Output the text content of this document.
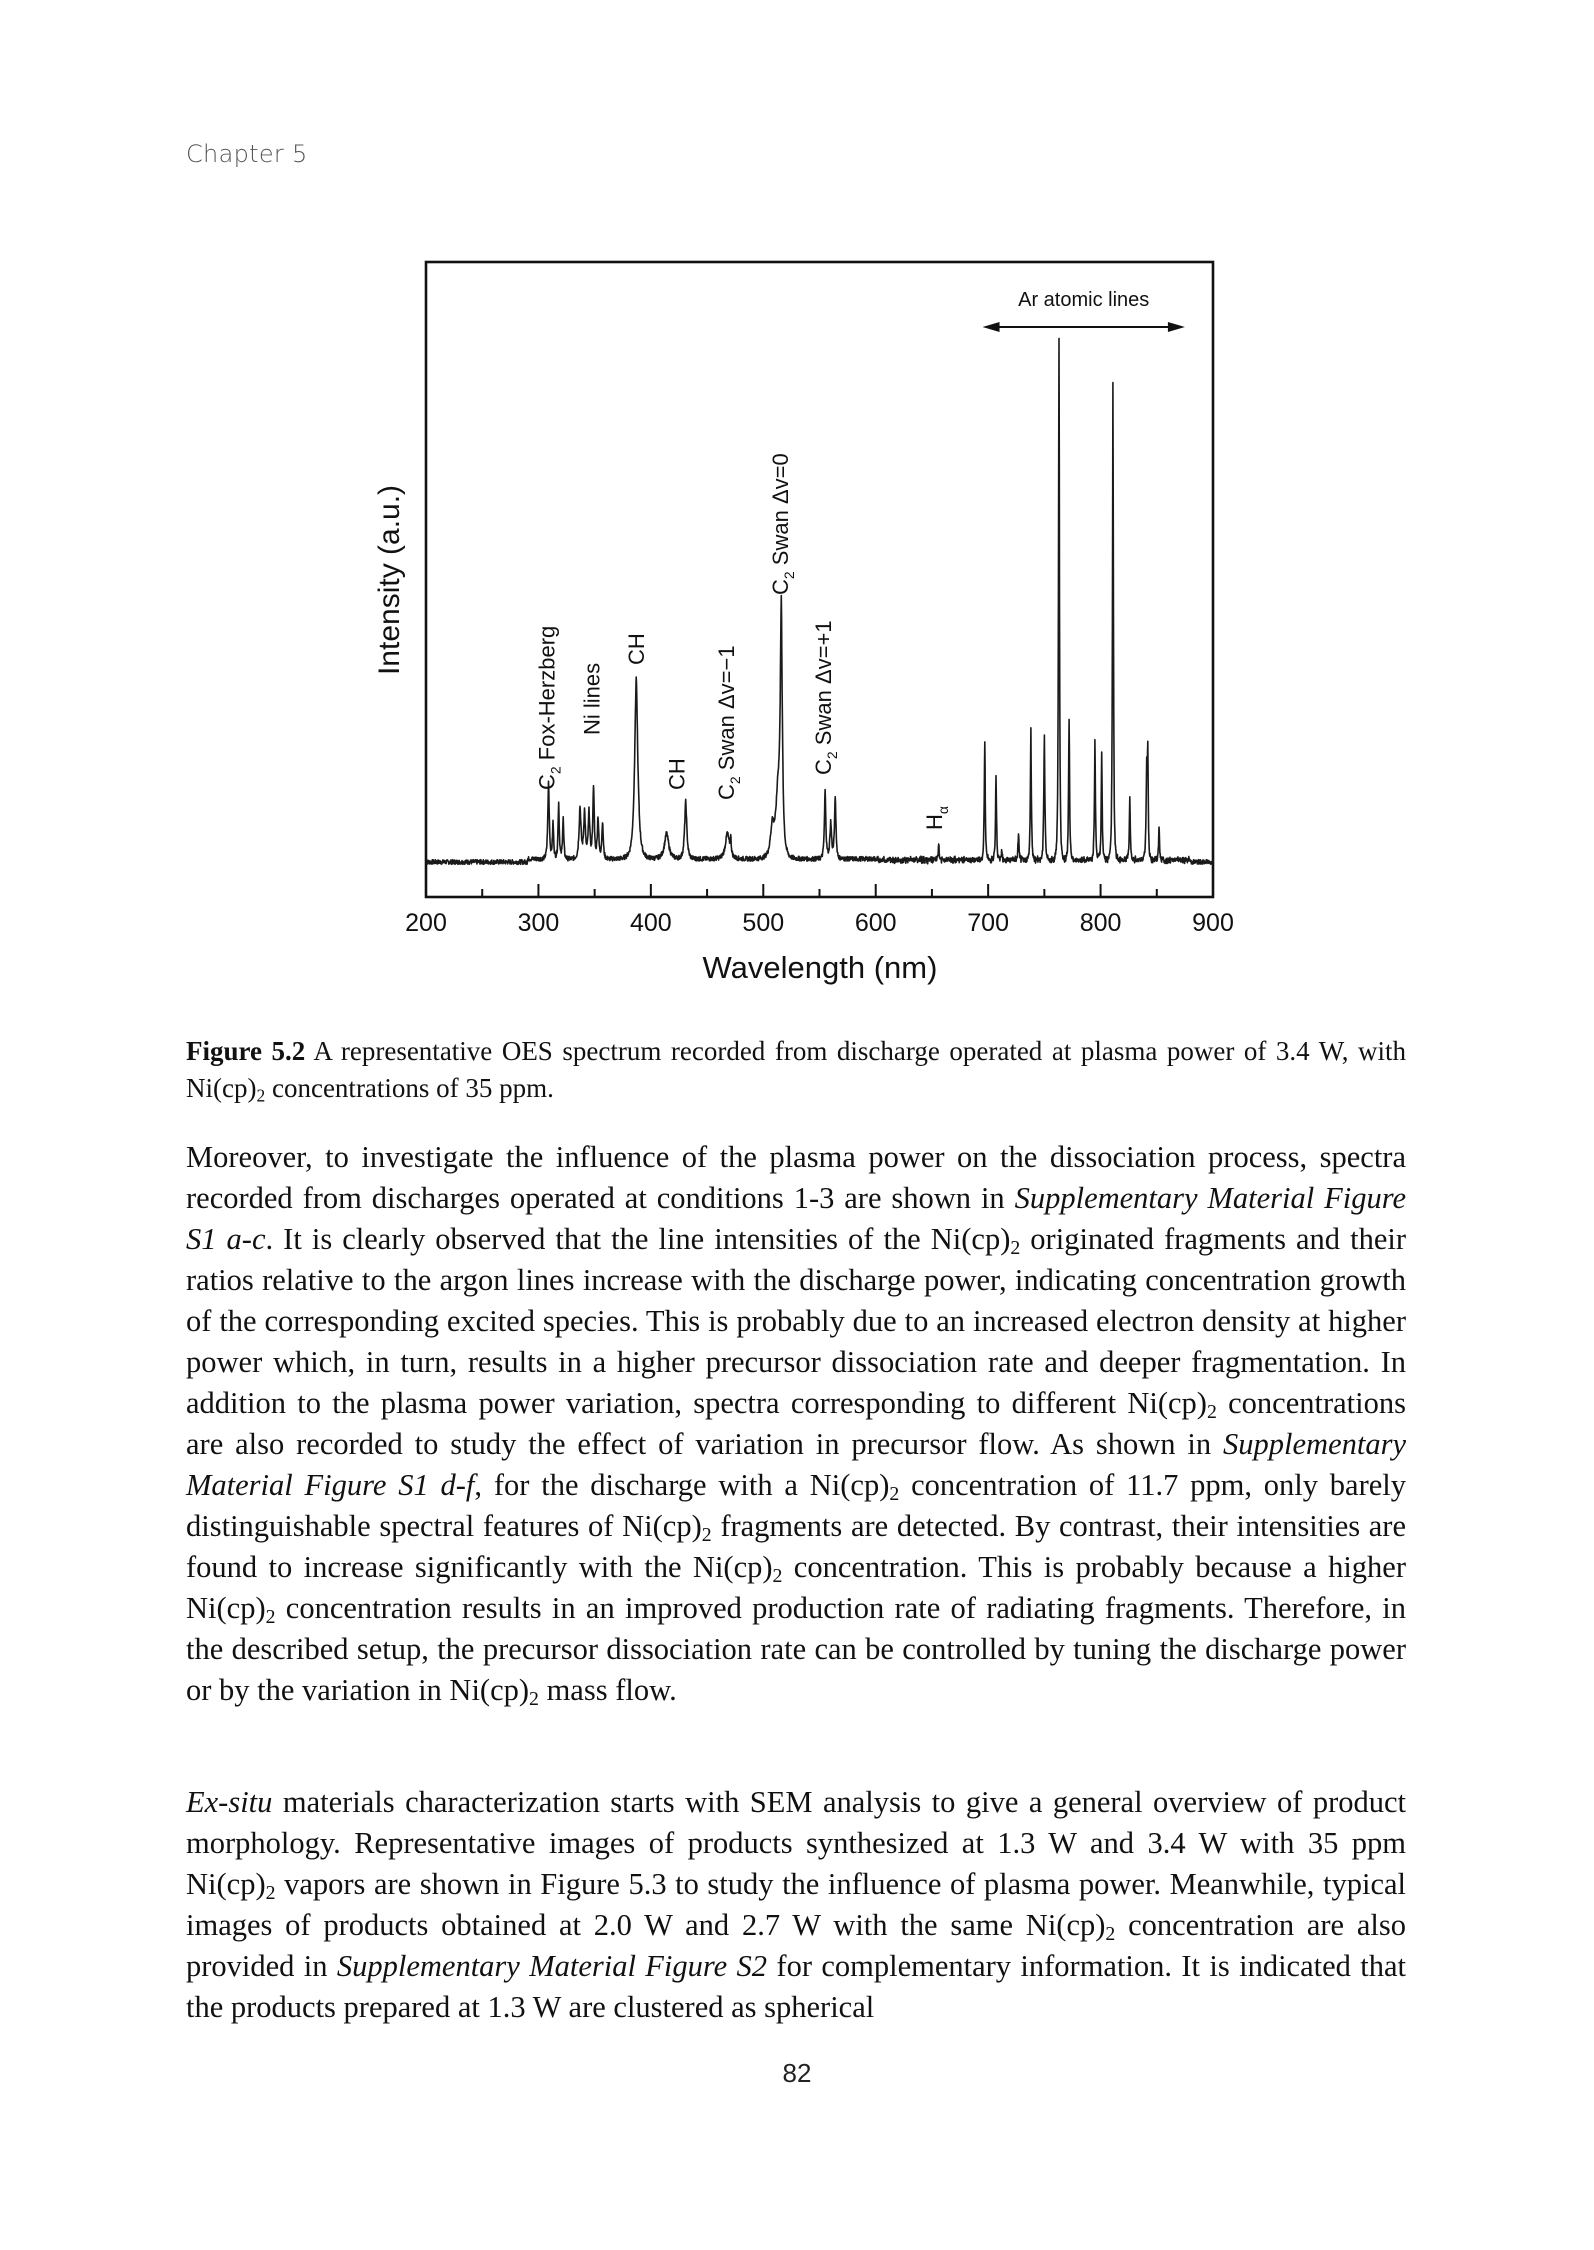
Chapter 5
200	300	400	500	600	700	800	900
$C_2$ Fox-Herzberg Ni lines
CH
CH
$C_2$ Swan Δv=−1
$C_2$ Swan Δv=0
$C_2$ Swan Δv=+1
$H_\alpha$
Ar atomic lines
Wavelength (nm)
Intensity (a.u.)
Figure 5.2 A representative OES spectrum recorded from discharge operated at plasma power of 3.4 W, with $Ni(cp)_2$ concentrations of 35 ppm.
Moreover, to investigate the influence of the plasma power on the dissociation process, spectra recorded from discharges operated at conditions 1-3 are shown in Supplementary Material Figure S1 a-c. It is clearly observed that the line intensities of the $Ni(cp)_2$ originated fragments and their ratios relative to the argon lines increase with the discharge power, indicating concentration growth of the corresponding excited species. This is probably due to an increased electron density at higher power which, in turn, results in a higher precursor dissociation rate and deeper fragmentation. In addition to the plasma power variation, spectra corresponding to different $Ni(cp)_2$ concentrations are also recorded to study the effect of variation in precursor flow. As shown in Supplementary Material Figure S1 d-f, for the discharge with a $Ni(cp)_2$ concentration of 11.7 ppm, only barely distinguishable spectral features of $Ni(cp)_2$ fragments are detected. By contrast, their intensities are found to increase significantly with the $Ni(cp)_2$ concentration. This is probably because a higher $Ni(cp)_2$ concentration results in an improved production rate of radiating fragments. Therefore, in the described setup, the precursor dissociation rate can be controlled by tuning the discharge power or by the variation in $Ni(cp)_2$ mass flow.
Ex-situ materials characterization starts with SEM analysis to give a general overview of product morphology. Representative images of products synthesized at 1.3 W and 3.4 W with 35 ppm $Ni(cp)_2$ vapors are shown in Figure 5.3 to study the influence of plasma power. Meanwhile, typical images of products obtained at 2.0 W and 2.7 W with the same $Ni(cp)_2$ concentration are also provided in Supplementary Material Figure S2 for complementary information. It is indicated that the products prepared at 1.3 W are clustered as spherical
82
